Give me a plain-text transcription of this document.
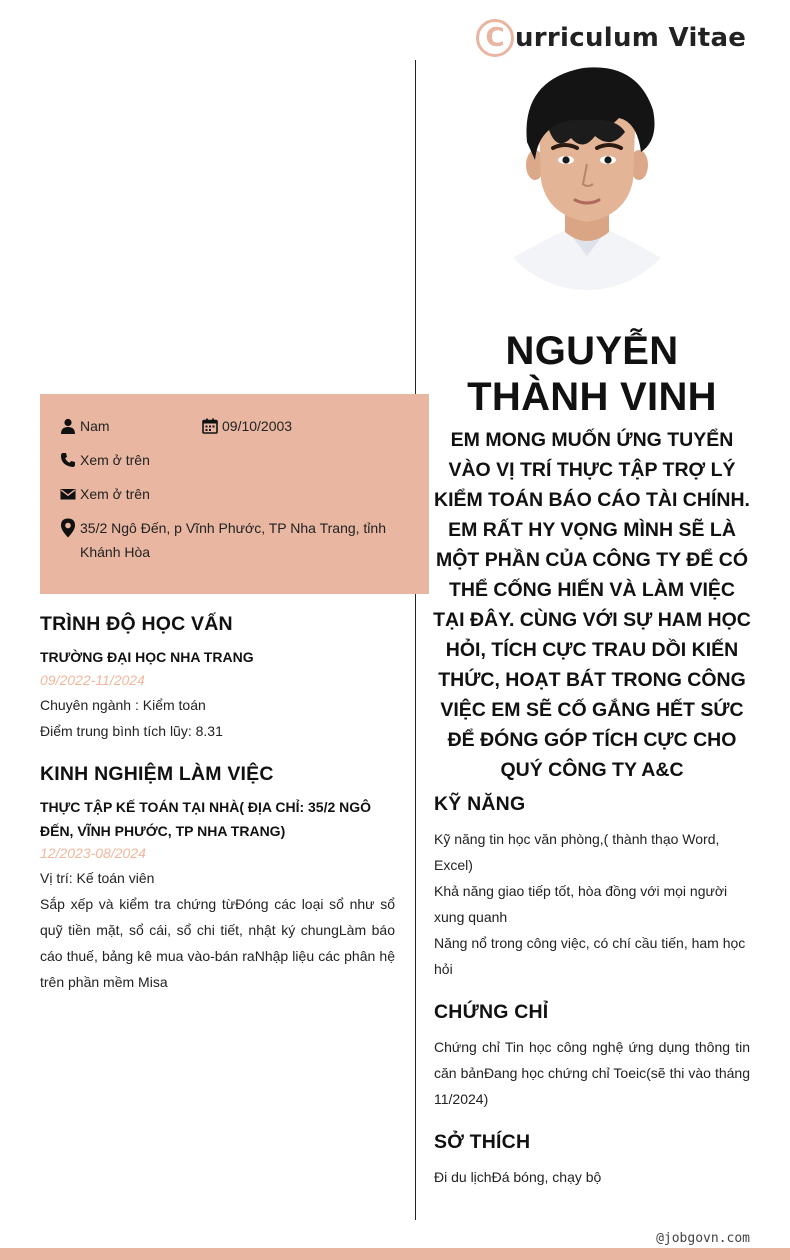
C urriculum Vitae
NGUYỄN THÀNH VINH
EM MONG MUỐN ỨNG TUYỂN VÀO VỊ TRÍ THỰC TẬP TRỢ LÝ KIỂM TOÁN BÁO CÁO TÀI CHÍNH. EM RẤT HY VỌNG MÌNH SẼ LÀ MỘT PHẦN CỦA CÔNG TY ĐỂ CÓ THỂ CỐNG HIẾN VÀ LÀM VIỆC TẠI ĐÂY. CÙNG VỚI SỰ HAM HỌC HỎI, TÍCH CỰC TRAU DỒI KIẾN THỨC, HOẠT BÁT TRONG CÔNG VIỆC EM SẼ CỐ GẮNG HẾT SỨC ĐỂ ĐÓNG GÓP TÍCH CỰC CHO QUÝ CÔNG TY A&C
Nam	09/10/2003
Xem ở trên
Xem ở trên
35/2 Ngô Đến, p Vĩnh Phước, TP Nha Trang, tỉnh Khánh Hòa
TRÌNH ĐỘ HỌC VẤN
TRƯỜNG ĐẠI HỌC NHA TRANG
09/2022-11/2024
Chuyên ngành : Kiểm toán
Điểm trung bình tích lũy: 8.31
KINH NGHIỆM LÀM VIỆC
THỰC TẬP KẾ TOÁN TẠI NHÀ( ĐỊA CHỈ: 35/2 NGÔ ĐẾN, VĨNH PHƯỚC, TP NHA TRANG)
12/2023-08/2024
Vị trí: Kế toán viên
Sắp xếp và kiểm tra chứng từĐóng các loại sổ như sổ quỹ tiền mặt, sổ cái, sổ chi tiết, nhật ký chungLàm báo cáo thuế, bảng kê mua vào-bán raNhập liệu các phân hệ trên phần mềm Misa
KỸ NĂNG
Kỹ năng tin học văn phòng,( thành thạo Word, Excel)
Khả năng giao tiếp tốt, hòa đồng với mọi người xung quanh
Năng nổ trong công việc, có chí cầu tiến, ham học hỏi
CHỨNG CHỈ
Chứng chỉ Tin học công nghệ ứng dụng thông tin căn bảnĐang học chứng chỉ Toeic(sẽ thi vào tháng 11/2024)
SỞ THÍCH
Đi du lịchĐá bóng, chạy bộ
@jobgovn.com
